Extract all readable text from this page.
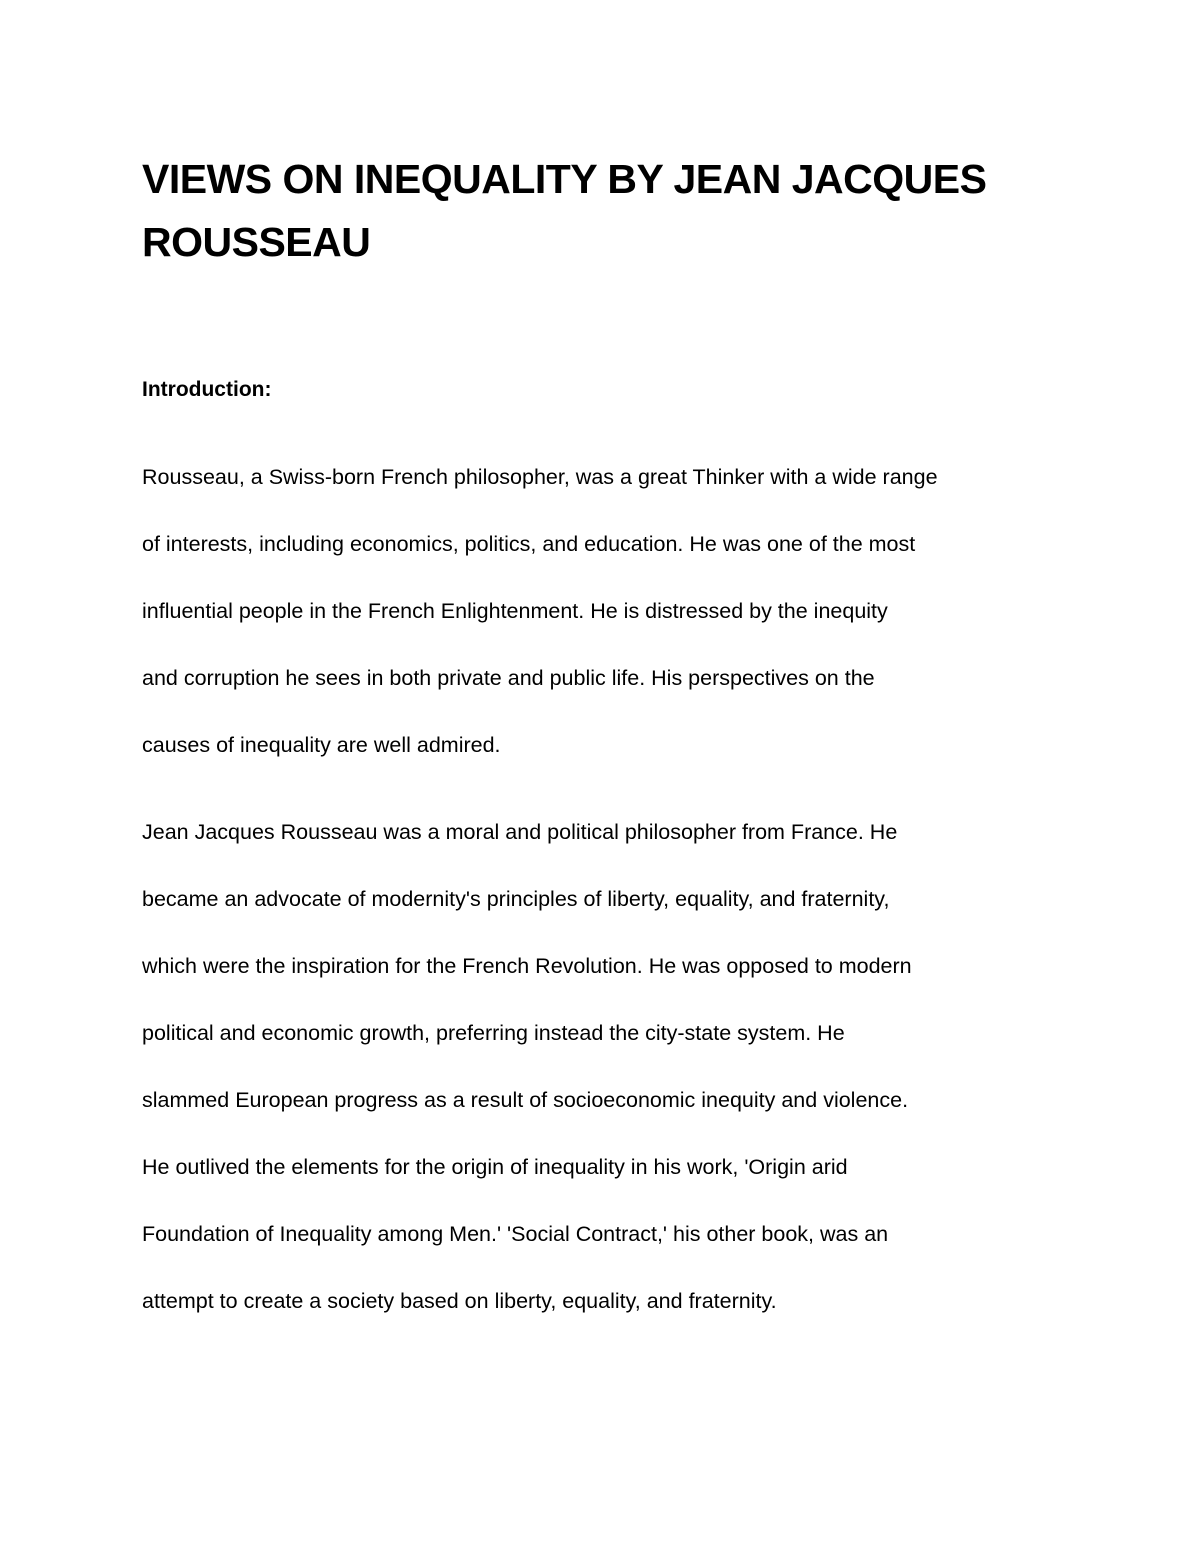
VIEWS ON INEQUALITY BY JEAN JACQUES
ROUSSEAU
Introduction:

Rousseau, a Swiss-born French philosopher, was a great Thinker with a wide range
of interests, including economics, politics, and education. He was one of the most
influential people in the French Enlightenment. He is distressed by the inequity
and corruption he sees in both private and public life. His perspectives on the
causes of inequality are well admired.

Jean Jacques Rousseau was a moral and political philosopher from France. He
became an advocate of modernity's principles of liberty, equality, and fraternity,
which were the inspiration for the French Revolution. He was opposed to modern
political and economic growth, preferring instead the city-state system. He
slammed European progress as a result of socioeconomic inequity and violence.
He outlived the elements for the origin of inequality in his work, 'Origin arid
Foundation of Inequality among Men.' 'Social Contract,' his other book, was an
attempt to create a society based on liberty, equality, and fraternity.
